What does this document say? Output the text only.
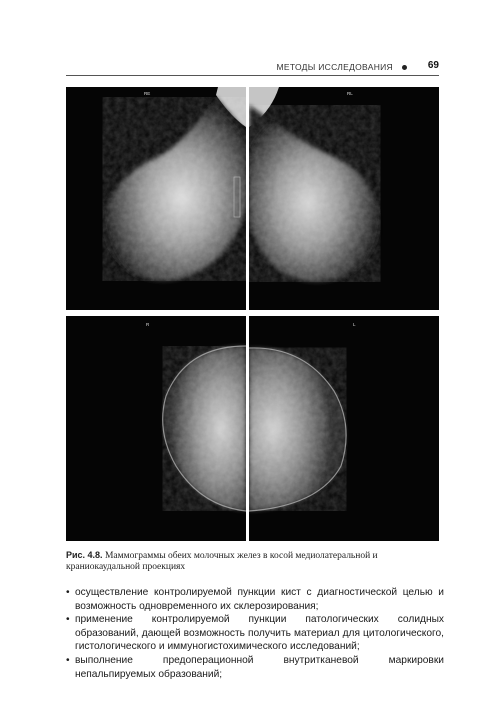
МЕТОДЫ ИССЛЕДОВАНИЯ	69
RE	RL
R	L
Рис. 4.8. Маммограммы обеих молочных желез в косой медиолатеральной и краниокаудальной проекциях
• осуществление контролируемой пункции кист с диагностической целью и возможность одновременного их склерозирования;
• применение контролируемой пункции патологических солидных образований, дающей возможность получить материал для цитологического, гистологического и иммуногистохимического исследований;
• выполнение предоперационной внутритканевой маркировки непальпируемых образований;
